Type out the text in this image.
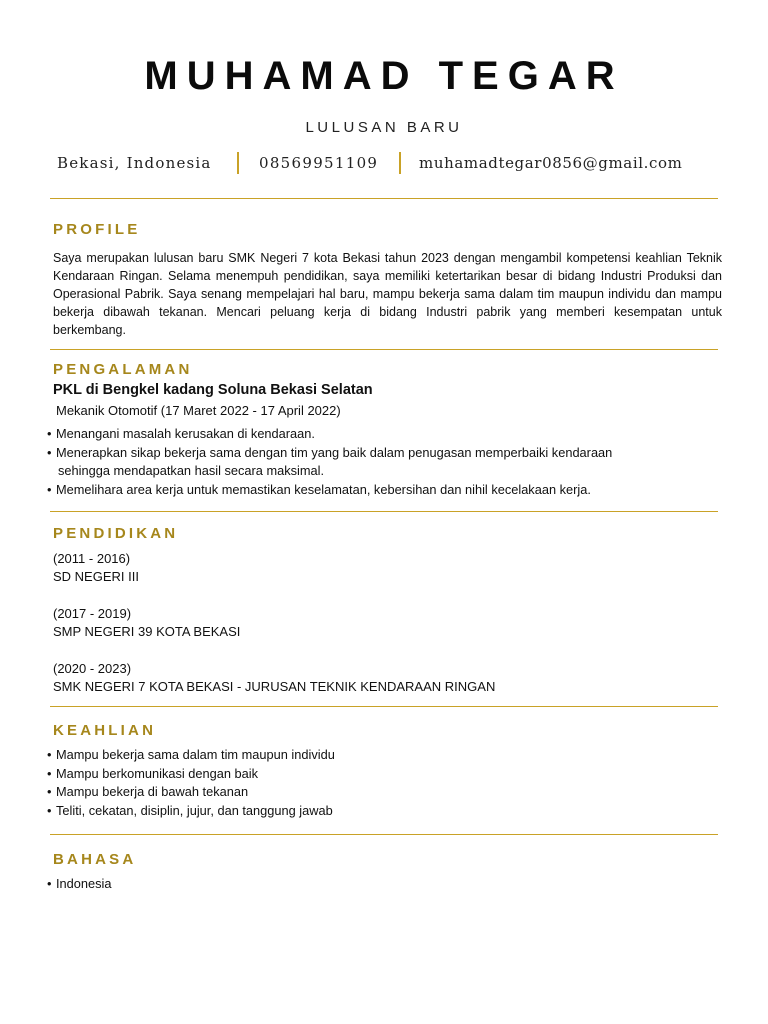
MUHAMAD TEGAR
LULUSAN BARU
Bekasi, Indonesia	08569951109	muhamadtegar0856@gmail.com
PROFILE

Saya merupakan lulusan baru SMK Negeri 7 kota Bekasi tahun 2023 dengan mengambil kompetensi keahlian Teknik Kendaraan Ringan. Selama menempuh pendidikan, saya memiliki ketertarikan besar di bidang Industri Produksi dan Operasional Pabrik. Saya senang mempelajari hal baru, mampu bekerja sama dalam tim maupun individu dan mampu bekerja dibawah tekanan. Mencari peluang kerja di bidang Industri pabrik yang memberi kesempatan untuk berkembang.

PENGALAMAN
PKL di Bengkel kadang Soluna Bekasi Selatan
Mekanik Otomotif (17 Maret 2022 - 17 April 2022)
• Menangani masalah kerusakan di kendaraan.
• Menerapkan sikap bekerja sama dengan tim yang baik dalam penugasan memperbaiki kendaraan
sehingga mendapatkan hasil secara maksimal.
• Memelihara area kerja untuk memastikan keselamatan, kebersihan dan nihil kecelakaan kerja.
PENDIDIKAN
(2011 - 2016)
SD NEGERI III
(2017 - 2019)
SMP NEGERI 39 KOTA BEKASI
(2020 - 2023)
SMK NEGERI 7 KOTA BEKASI - JURUSAN TEKNIK KENDARAAN RINGAN
KEAHLIAN
• Mampu bekerja sama dalam tim maupun individu
• Mampu berkomunikasi dengan baik
• Mampu bekerja di bawah tekanan
• Teliti, cekatan, disiplin, jujur, dan tanggung jawab
BAHASA
• Indonesia
